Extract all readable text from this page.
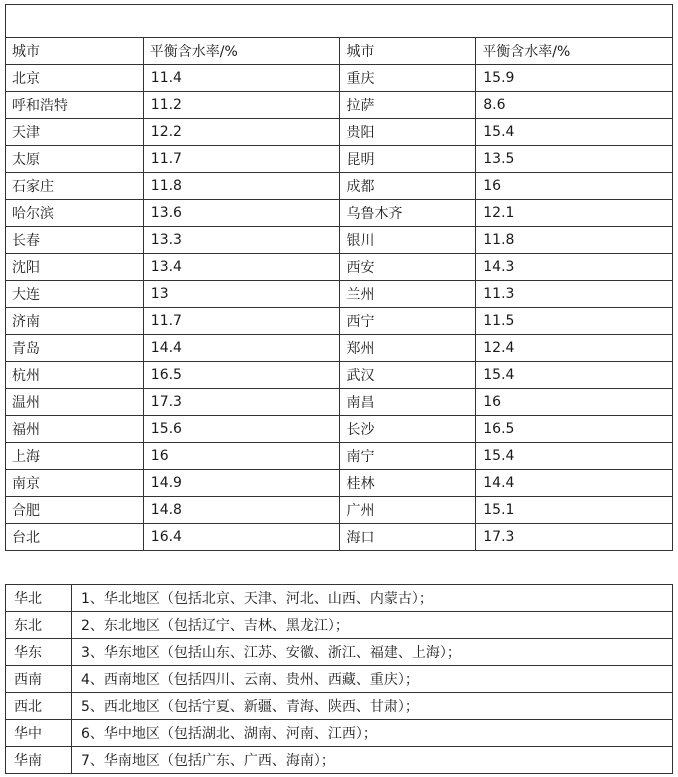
城市	平衡含水率/%	城市	平衡含水率/%
北京	11.4	重庆	15.9
呼和浩特	11.2	拉萨	8.6
天津	12.2	贵阳	15.4
太原	11.7	昆明	13.5
石家庄	11.8	成都	16
哈尔滨	13.6	乌鲁木齐	12.1
长春	13.3	银川	11.8
沈阳	13.4	西安	14.3
大连	13	兰州	11.3
济南	11.7	西宁	11.5
青岛	14.4	郑州	12.4
杭州	16.5	武汉	15.4
温州	17.3	南昌	16
福州	15.6	长沙	16.5
上海	16	南宁	15.4
南京	14.9	桂林	14.4
合肥	14.8	广州	15.1
台北	16.4	海口	17.3
华北	1、华北地区（包括北京、天津、河北、山西、内蒙古）；
东北	2、东北地区（包括辽宁、吉林、黑龙江）；
华东	3、华东地区（包括山东、江苏、安徽、浙江、福建、上海）；
西南	4、西南地区（包括四川、云南、贵州、西藏、重庆）；
西北	5、西北地区（包括宁夏、新疆、青海、陕西、甘肃）；
华中	6、华中地区（包括湖北、湖南、河南、江西）；
华南	7、华南地区（包括广东、广西、海南）；
